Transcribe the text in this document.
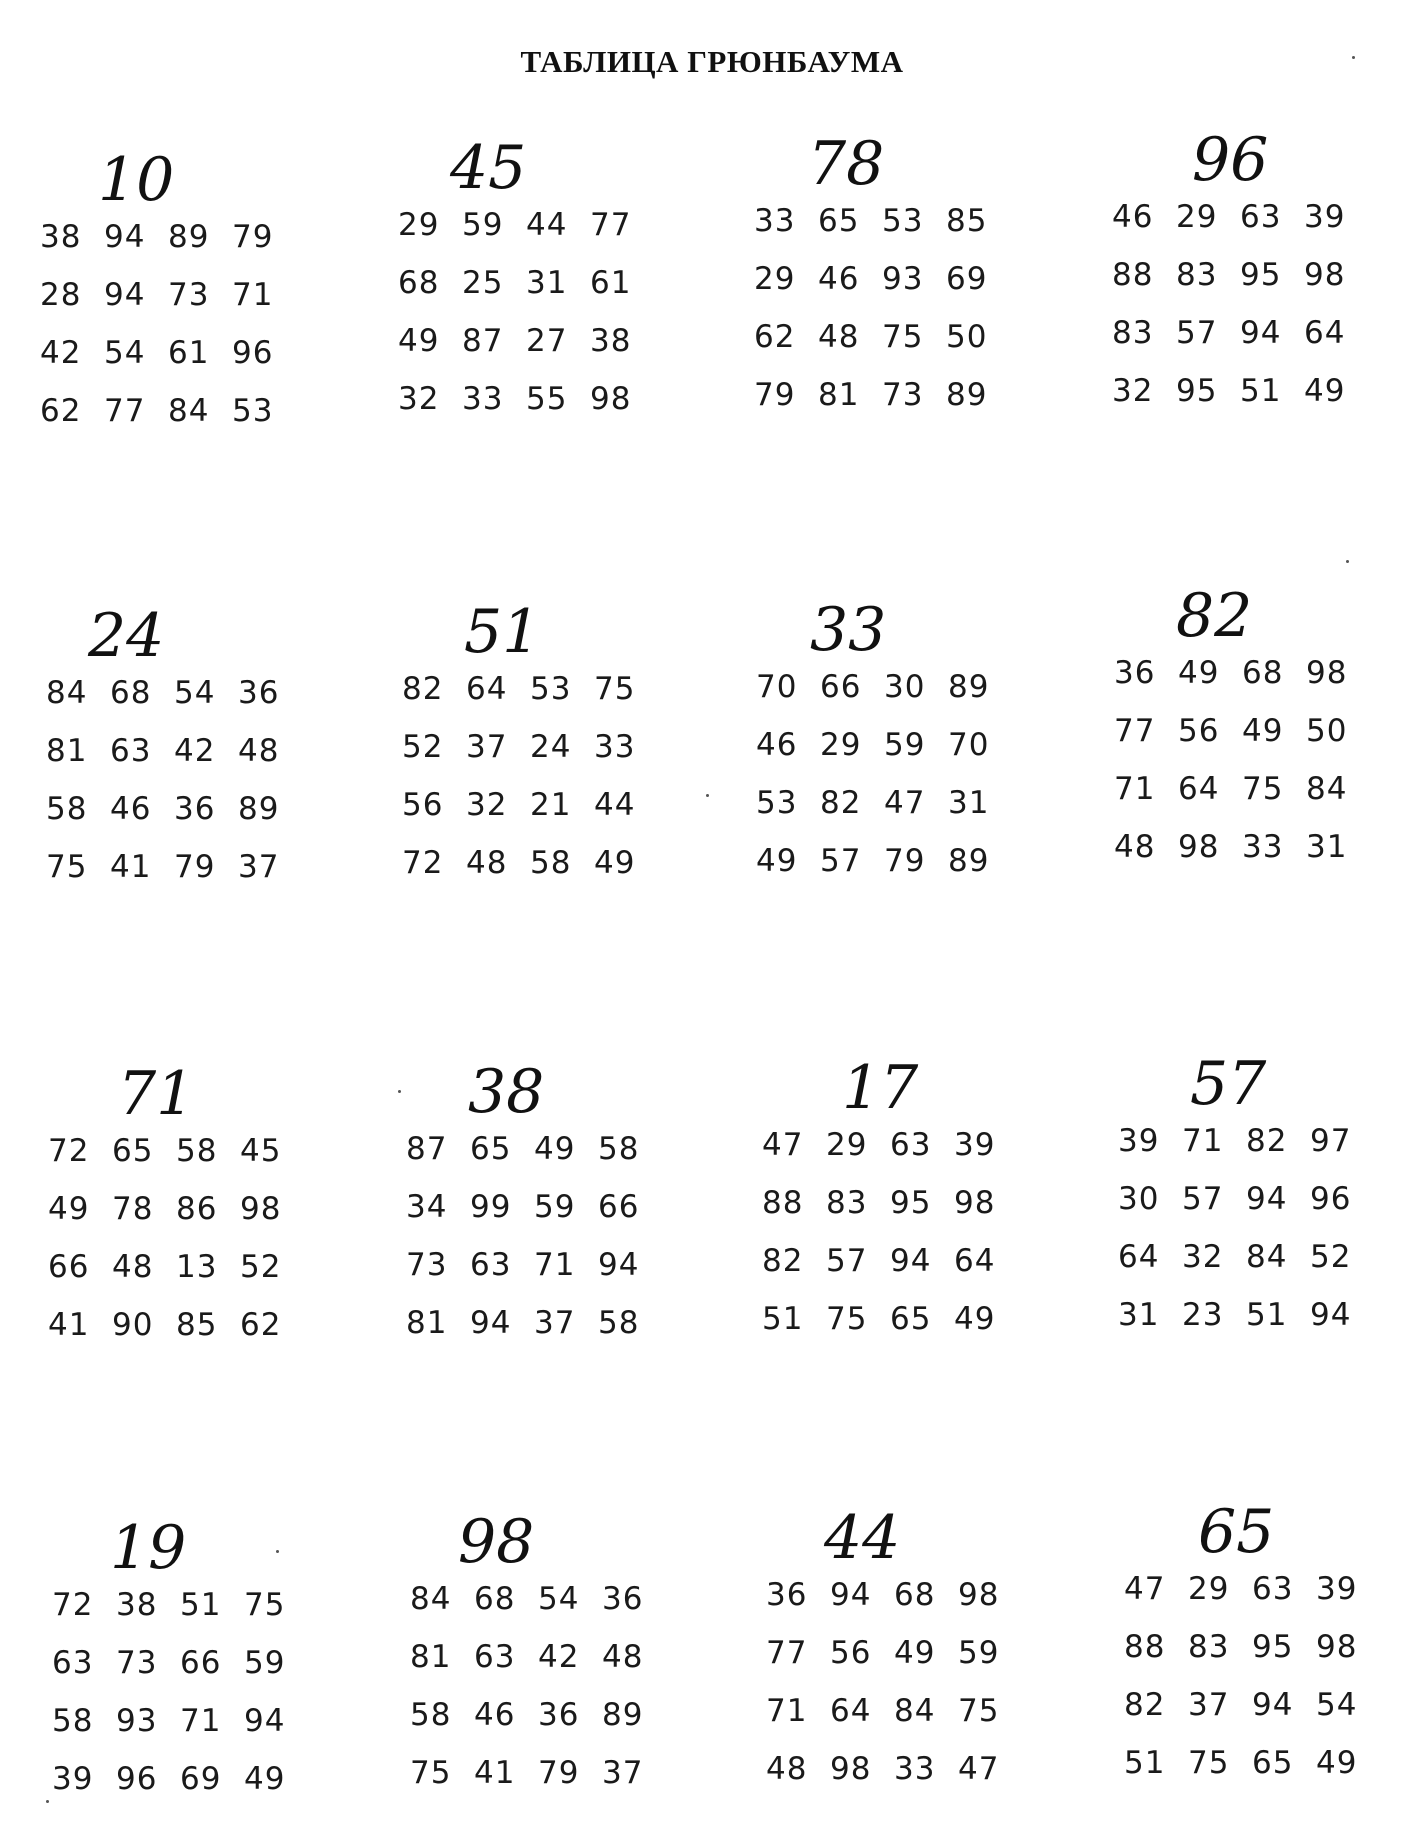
ТАБЛИЦА ГРЮНБАУМА
10
38 94 89 79
28 94 73 71
42 54 61 96
62 77 84 53
45
29 59 44 77
68 25 31 61
49 87 27 38
32 33 55 98
78
33 65 53 85
29 46 93 69
62 48 75 50
79 81 73 89
96
46 29 63 39
88 83 95 98
83 57 94 64
32 95 51 49
24
84 68 54 36
81 63 42 48
58 46 36 89
75 41 79 37
51
82 64 53 75
52 37 24 33
56 32 21 44
72 48 58 49
33
70 66 30 89
46 29 59 70
53 82 47 31
49 57 79 89
82
36 49 68 98
77 56 49 50
71 64 75 84
48 98 33 31
71
72 65 58 45
49 78 86 98
66 48 13 52
41 90 85 62
38
87 65 49 58
34 99 59 66
73 63 71 94
81 94 37 58
17
47 29 63 39
88 83 95 98
82 57 94 64
51 75 65 49
57
39 71 82 97
30 57 94 96
64 32 84 52
31 23 51 94
19
72 38 51 75
63 73 66 59
58 93 71 94
39 96 69 49
98
84 68 54 36
81 63 42 48
58 46 36 89
75 41 79 37
44
36 94 68 98
77 56 49 59
71 64 84 75
48 98 33 47
65
47 29 63 39
88 83 95 98
82 37 94 54
51 75 65 49
